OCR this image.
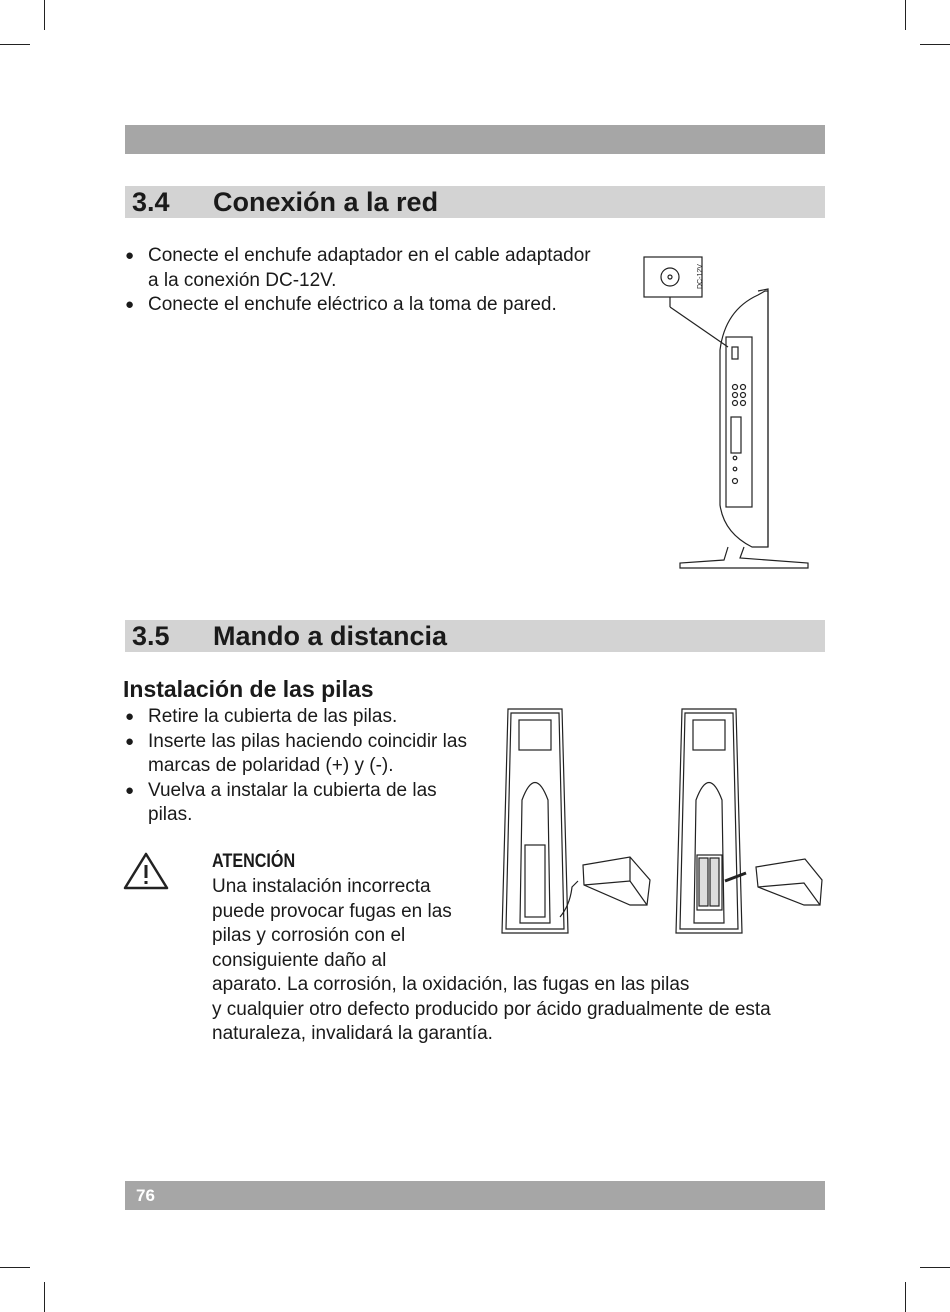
3.4 Conexión a la red
● Conecte el enchufe adaptador en el cable adaptador a la conexión DC-12V.
● Conecte el enchufe eléctrico a la toma de pared.
DC-12V
3.5 Mando a distancia
Instalación de las pilas
● Retire la cubierta de las pilas.
● Inserte las pilas haciendo coincidir las marcas de polaridad (+) y (-).
● Vuelva a instalar la cubierta de las pilas.
ATENCIÓN
Una instalación incorrecta
puede provocar fugas en las
pilas y corrosión con el
consiguiente daño al
aparato. La corrosión, la oxidación, las fugas en las pilas
y cualquier otro defecto producido por ácido gradualmente de esta
naturaleza, invalidará la garantía.
76
